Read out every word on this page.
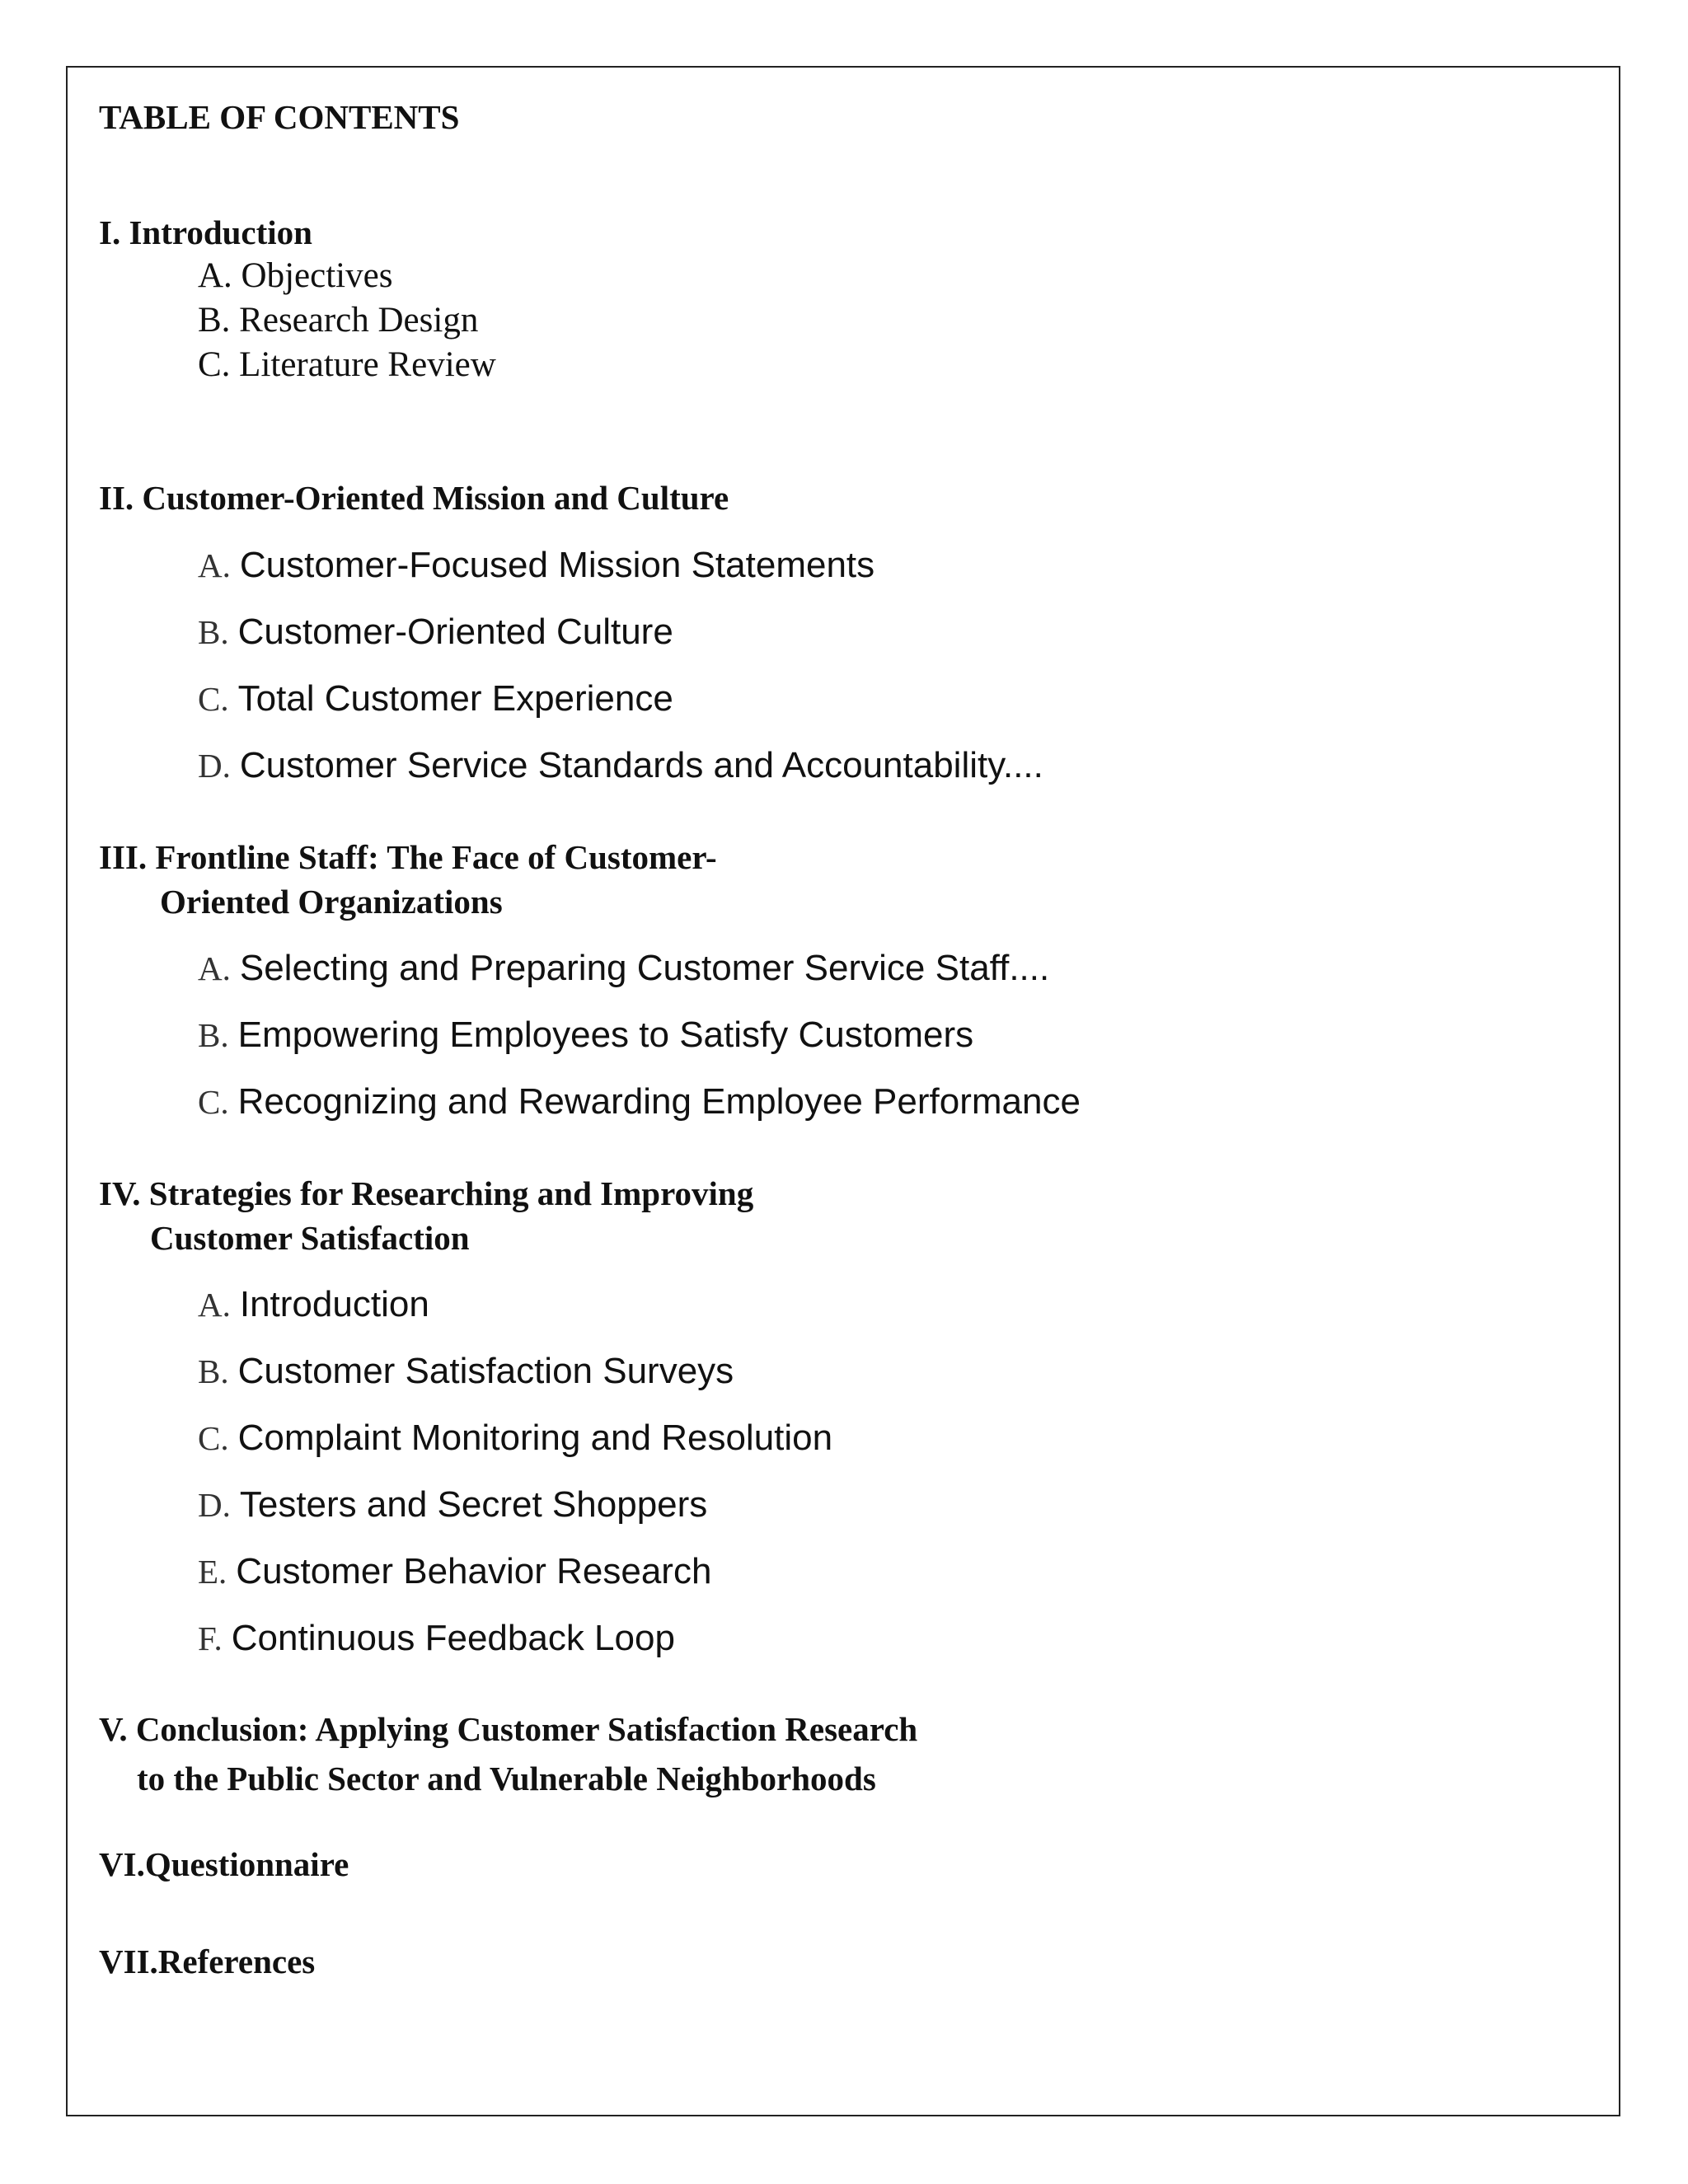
TABLE OF CONTENTS
I. Introduction
A. Objectives
B. Research Design
C. Literature Review
II. Customer-Oriented Mission and Culture
A. Customer-Focused Mission Statements
B. Customer-Oriented Culture
C. Total Customer Experience
D. Customer Service Standards and Accountability....
III. Frontline Staff: The Face of Customer-
Oriented Organizations
A. Selecting and Preparing Customer Service Staff....
B. Empowering Employees to Satisfy Customers
C. Recognizing and Rewarding Employee Performance
IV. Strategies for Researching and Improving
Customer Satisfaction
A. Introduction
B. Customer Satisfaction Surveys
C. Complaint Monitoring and Resolution
D. Testers and Secret Shoppers
E. Customer Behavior Research
F. Continuous Feedback Loop
V. Conclusion: Applying Customer Satisfaction Research
to the Public Sector and Vulnerable Neighborhoods
VI.Questionnaire
VII.References
